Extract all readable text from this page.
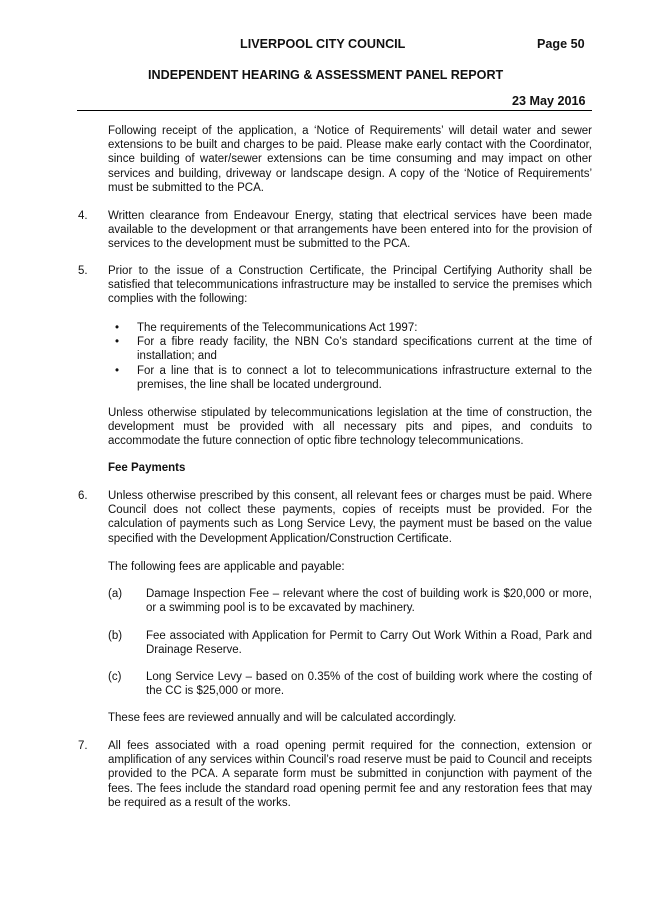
LIVERPOOL CITY COUNCIL	Page 50
INDEPENDENT HEARING & ASSESSMENT PANEL REPORT
23 May 2016

Following receipt of the application, a ‘Notice of Requirements’ will detail water and sewer extensions to be built and charges to be paid. Please make early contact with the Coordinator, since building of water/sewer extensions can be time consuming and may impact on other services and building, driveway or landscape design. A copy of the ‘Notice of Requirements’ must be submitted to the PCA.

4. Written clearance from Endeavour Energy, stating that electrical services have been made available to the development or that arrangements have been entered into for the provision of services to the development must be submitted to the PCA.

5. Prior to the issue of a Construction Certificate, the Principal Certifying Authority shall be satisfied that telecommunications infrastructure may be installed to service the premises which complies with the following:

• The requirements of the Telecommunications Act 1997:

• For a fibre ready facility, the NBN Co’s standard specifications current at the time of installation; and

• For a line that is to connect a lot to telecommunications infrastructure external to the premises, the line shall be located underground.

Unless otherwise stipulated by telecommunications legislation at the time of construction, the development must be provided with all necessary pits and pipes, and conduits to accommodate the future connection of optic fibre technology telecommunications.

Fee Payments
6. Unless otherwise prescribed by this consent, all relevant fees or charges must be paid. Where Council does not collect these payments, copies of receipts must be provided. For the calculation of payments such as Long Service Levy, the payment must be based on the value specified with the Development Application/Construction Certificate.

The following fees are applicable and payable:

(a) Damage Inspection Fee – relevant where the cost of building work is $20,000 or more, or a swimming pool is to be excavated by machinery.

(b) Fee associated with Application for Permit to Carry Out Work Within a Road, Park and Drainage Reserve.

(c) Long Service Levy – based on 0.35% of the cost of building work where the costing of the CC is $25,000 or more.

These fees are reviewed annually and will be calculated accordingly.

7. All fees associated with a road opening permit required for the connection, extension or amplification of any services within Council’s road reserve must be paid to Council and receipts provided to the PCA. A separate form must be submitted in conjunction with payment of the fees. The fees include the standard road opening permit fee and any restoration fees that may be required as a result of the works.
